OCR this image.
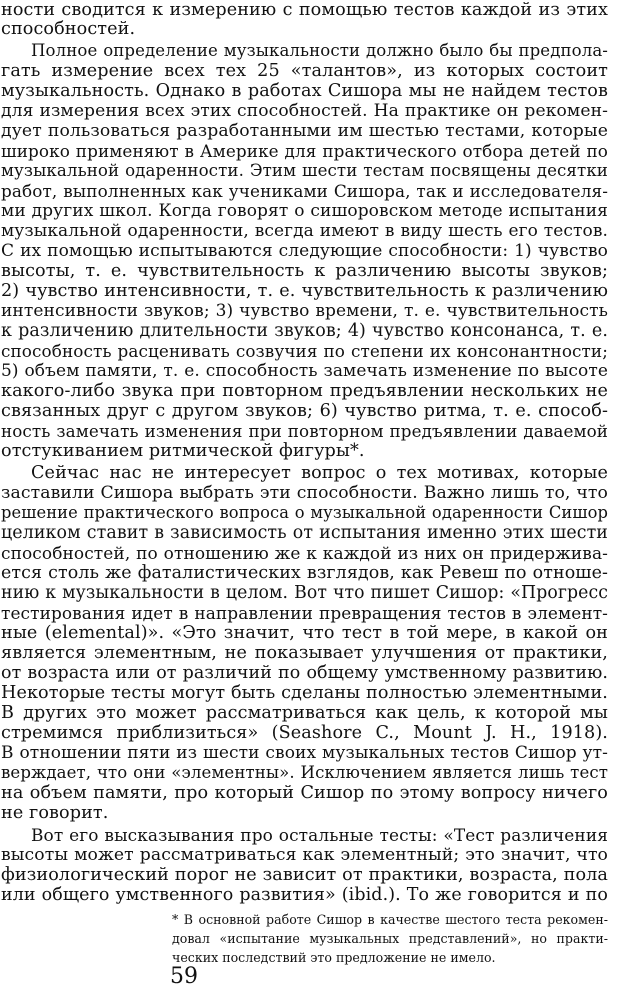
ности сводится к измерению с помощью тестов каждой из этих

способностей.

Полное определение музыкальности должно было бы предпола-

гать измерение всех тех 25 «талантов», из которых состоит

музыкальность. Однако в работах Сишора мы не найдем тестов

для измерения всех этих способностей. На практике он рекомен-

дует пользоваться разработанными им шестью тестами, которые

широко применяют в Америке для практического отбора детей по

музыкальной одаренности. Этим шести тестам посвящены десятки

работ, выполненных как учениками Сишора, так и исследователя-

ми других школ. Когда говорят о сишоровском методе испытания

музыкальной одаренности, всегда имеют в виду шесть его тестов.

С их помощью испытываются следующие способности: 1) чувство

высоты, т. е. чувствительность к различению высоты звуков;

2) чувство интенсивности, т. е. чувствительность к различению

интенсивности звуков; 3) чувство времени, т. е. чувствительность

к различению длительности звуков; 4) чувство консонанса, т. е.

способность расценивать созвучия по степени их консонантности;

5) объем памяти, т. е. способность замечать изменение по высоте

какого-либо звука при повторном предъявлении нескольких не

связанных друг с другом звуков; 6) чувство ритма, т. е. способ-

ность замечать изменения при повторном предъявлении даваемой

отстукиванием ритмической фигуры*.

Сейчас нас не интересует вопрос о тех мотивах, которые

заставили Сишора выбрать эти способности. Важно лишь то, что

решение практического вопроса о музыкальной одаренности Сишор

целиком ставит в зависимость от испытания именно этих шести

способностей, по отношению же к каждой из них он придерживa-

ется столь же фаталистических взглядов, как Ревеш по отноше-

нию к музыкальности в целом. Вот что пишет Сишор: «Прогресс

тестирования идет в направлении превращения тестов в элемент-

ные (elemental)». «Это значит, что тест в той мере, в какой он

является элементным, не показывает улучшения от практики,

от возраста или от различий по общему умственному развитию.

Некоторые тесты могут быть сделаны полностью элементными.

В других это может рассматриваться как цель, к которой мы

стремимся приблизиться» (Seashore C., Mount J. H., 1918).

В отношении пяти из шести своих музыкальных тестов Сишор ут-

верждает, что они «элементны». Исключением является лишь тест

на объем памяти, про который Сишор по этому вопросу ничего

не говорит.

Вот его высказывания про остальные тесты: «Тест различения

высоты может рассматриваться как элементный; это значит, что

физиологический порог не зависит от практики, возраста, пола

или общего умственного развития» (ibid.). То же говорится и по

* В основной работе Сишор в качестве шестого теста рекомен-

довал «испытание музыкальных представлений», но практи-

ческих последствий это предложение не имело.

59
